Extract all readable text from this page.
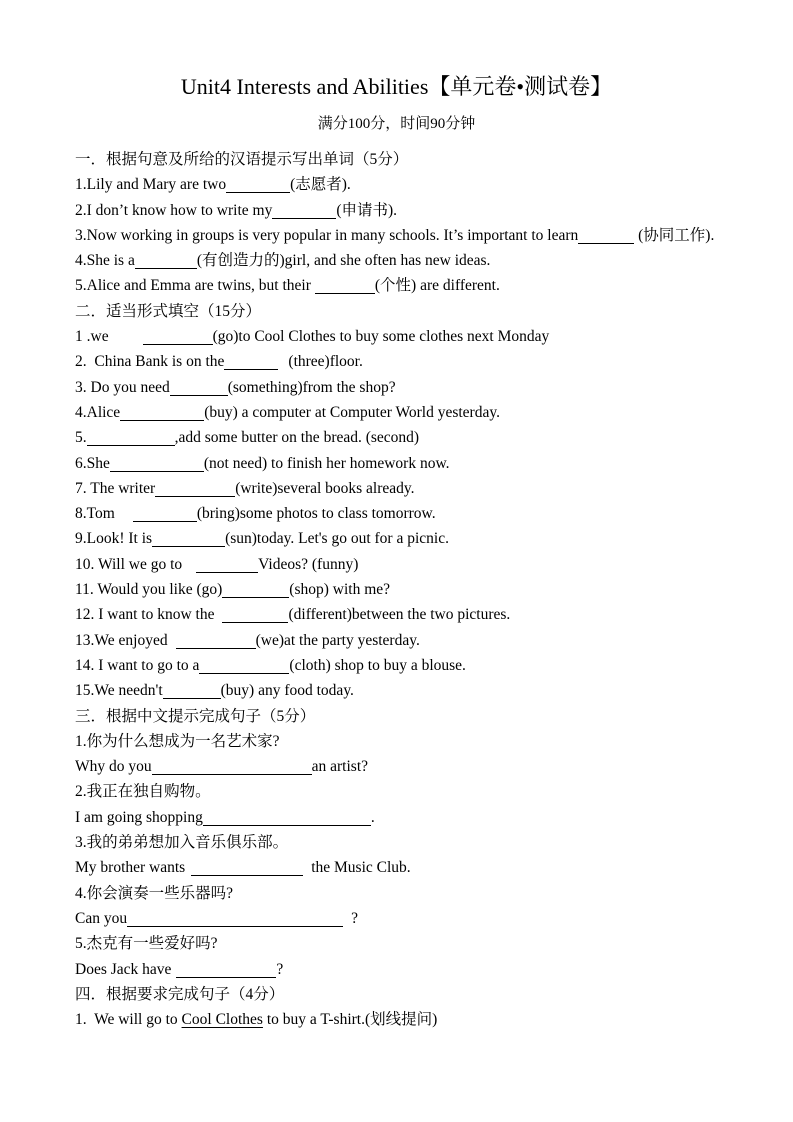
Unit4 Interests and Abilities【单元卷•测试卷】
满分100分，时间90分钟
一．根据句意及所给的汉语提示写出单词（5分）
1.Lily and Mary are two	(志愿者).
2.I don’t know how to write my	(申请书).
3.Now working in groups is very popular in many schools. It’s important to learn	(协同工作).
4.She is a	(有创造力的)girl, and she often has new ideas.
5.Alice and Emma are twins, but their	(个性) are different.
二．适当形式填空（15分）
1 .we	(go)to Cool Clothes to buy some clothes next Monday
2.  China Bank is on the	(three)floor.
3. Do you need	(something)from the shop?
4.Alice	(buy) a computer at Computer World yesterday.
5.	,add some butter on the bread. (second)
6.She	(not need) to finish her homework now.
7. The writer	(write)several books already.
8.Tom	(bring)some photos to class tomorrow.
9.Look! It is	(sun)today. Let's go out for a picnic.
10. Will we go to	Videos? (funny)
11. Would you like (go)	(shop) with me?
12. I want to know the	(different)between the two pictures.
13.We enjoyed	(we)at the party yesterday.
14. I want to go to a	(cloth) shop to buy a blouse.
15.We needn't	(buy) any food today.
三．根据中文提示完成句子（5分）
1.你为什么想成为一名艺术家?
Why do you	an artist?
2.我正在独自购物。
I am going shopping	.
3.我的弟弟想加入音乐俱乐部。
My brother wants	the Music Club.
4.你会演奏一些乐器吗?
Can you	?
5.杰克有一些爱好吗?
Does Jack have	?
四．根据要求完成句子（4分）
1.  We will go to Cool Clothes to buy a T-shirt.(划线提问)
